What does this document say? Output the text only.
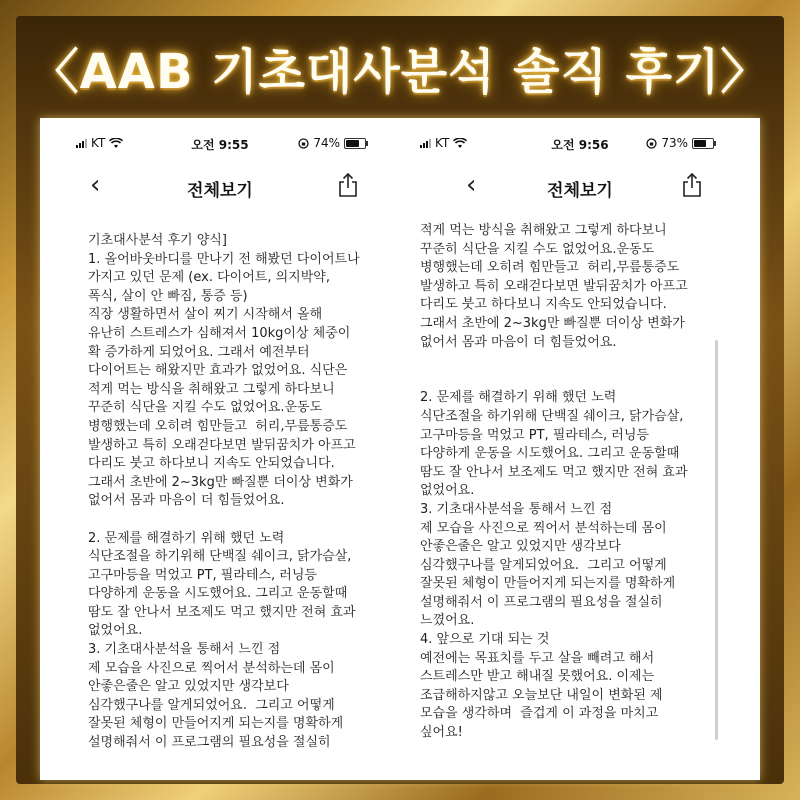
〈AAB 기초대사분석 솔직 후기〉
KT	오전 9:55	74%
‹	전체보기
기초대사분석 후기 양식]
1. 올어바웃바디를 만나기 전 해봤던 다이어트나
가지고 있던 문제 (ex. 다이어트, 의지박약,
폭식, 살이 안 빠짐, 통증 등)
직장 생활하면서 살이 찌기 시작해서 올해
유난히 스트레스가 심해져서 10kg이상 체중이
확 증가하게 되었어요. 그래서 예전부터
다이어트는 해왔지만 효과가 없었어요. 식단은
적게 먹는 방식을 취해왔고 그렇게 하다보니
꾸준히 식단을 지킬 수도 없었어요.운동도
병행했는데 오히려 힘만들고  허리,무릎통증도
발생하고 특히 오래걷다보면 발뒤꿈치가 아프고
다리도 붓고 하다보니 지속도 안되었습니다.
그래서 초반에 2~3kg만 빠질뿐 더이상 변화가
없어서 몸과 마음이 더 힘들었어요.

2. 문제를 해결하기 위해 했던 노력
식단조절을 하기위해 단백질 쉐이크, 닭가슴살,
고구마등을 먹었고 PT, 필라테스, 러닝등
다양하게 운동을 시도했어요. 그리고 운동할때
땀도 잘 안나서 보조제도 먹고 했지만 전혀 효과
없었어요.
3. 기초대사분석을 통해서 느낀 점
제 모습을 사진으로 찍어서 분석하는데 몸이
안좋은줄은 알고 있었지만 생각보다
심각했구나를 알게되었어요.  그리고 어떻게
잘못된 체형이 만들어지게 되는지를 명확하게
설명해줘서 이 프로그램의 필요성을 절실히
KT	오전 9:56	73%
‹	전체보기
적게 먹는 방식을 취해왔고 그렇게 하다보니
꾸준히 식단을 지킬 수도 없었어요.운동도
병행했는데 오히려 힘만들고  허리,무릎통증도
발생하고 특히 오래걷다보면 발뒤꿈치가 아프고
다리도 붓고 하다보니 지속도 안되었습니다.
그래서 초반에 2~3kg만 빠질뿐 더이상 변화가
없어서 몸과 마음이 더 힘들었어요.

2. 문제를 해결하기 위해 했던 노력
식단조절을 하기위해 단백질 쉐이크, 닭가슴살,
고구마등을 먹었고 PT, 필라테스, 러닝등
다양하게 운동을 시도했어요. 그리고 운동할때
땀도 잘 안나서 보조제도 먹고 했지만 전혀 효과
없었어요.
3. 기초대사분석을 통해서 느낀 점
제 모습을 사진으로 찍어서 분석하는데 몸이
안좋은줄은 알고 있었지만 생각보다
심각했구나를 알게되었어요.  그리고 어떻게
잘못된 체형이 만들어지게 되는지를 명확하게
설명해줘서 이 프로그램의 필요성을 절실히
느꼈어요.
4. 앞으로 기대 되는 것
예전에는 목표치를 두고 살을 빼려고 해서
스트레스만 받고 해내질 못했어요. 이제는
조급해하지않고 오늘보단 내일이 변화된 제
모습을 생각하며  즐겁게 이 과정을 마치고
싶어요!
